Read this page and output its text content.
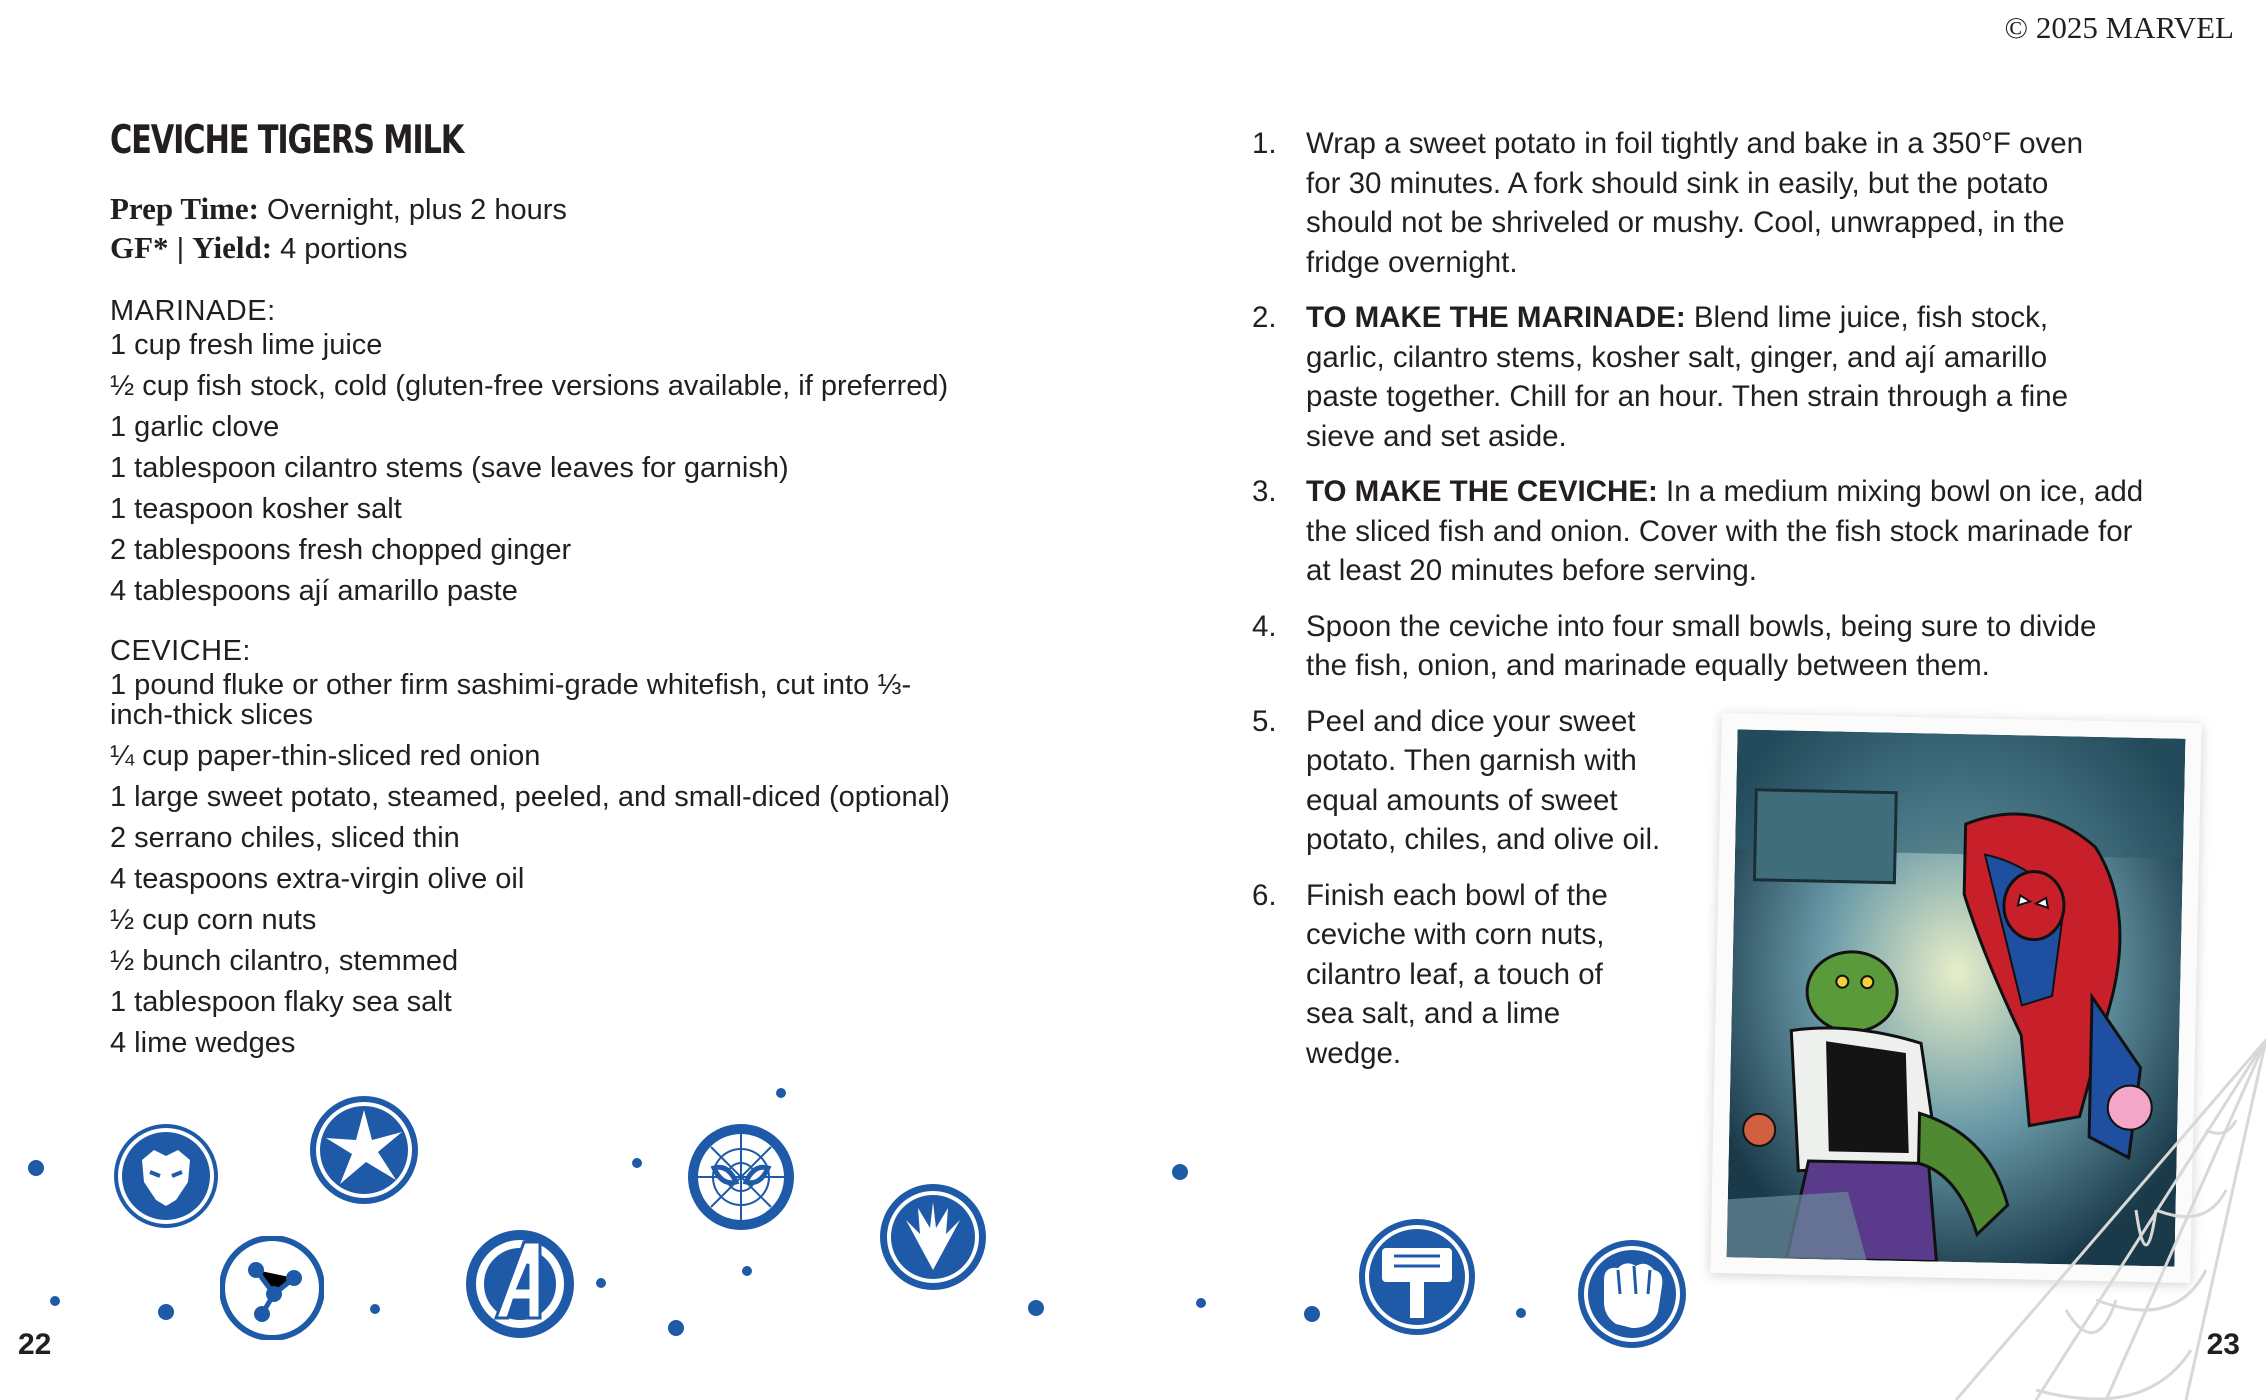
© 2025 MARVEL
CEVICHE TIGERS MILK
Prep Time: Overnight, plus 2 hours
GF* | Yield: 4 portions
MARINADE:
1 cup fresh lime juice
½ cup fish stock, cold (gluten-free versions available, if preferred)
1 garlic clove
1 tablespoon cilantro stems (save leaves for garnish)
1 teaspoon kosher salt
2 tablespoons fresh chopped ginger
4 tablespoons ají amarillo paste
CEVICHE:
1 pound fluke or other firm sashimi-grade whitefish, cut into ⅓-inch-thick slices
¼ cup paper-thin-sliced red onion
1 large sweet potato, steamed, peeled, and small-diced (optional)
2 serrano chiles, sliced thin
4 teaspoons extra-virgin olive oil
½ cup corn nuts
½ bunch cilantro, stemmed
1 tablespoon flaky sea salt
4 lime wedges
1. Wrap a sweet potato in foil tightly and bake in a 350°F oven for 30 minutes. A fork should sink in easily, but the potato should not be shriveled or mushy. Cool, unwrapped, in the fridge overnight.
2. TO MAKE THE MARINADE: Blend lime juice, fish stock, garlic, cilantro stems, kosher salt, ginger, and ají amarillo paste together. Chill for an hour. Then strain through a fine sieve and set aside.
3. TO MAKE THE CEVICHE: In a medium mixing bowl on ice, add the sliced fish and onion. Cover with the fish stock marinade for at least 20 minutes before serving.
4. Spoon the ceviche into four small bowls, being sure to divide the fish, onion, and marinade equally between them.
5. Peel and dice your sweet potato. Then garnish with equal amounts of sweet potato, chiles, and olive oil.
6. Finish each bowl of the ceviche with corn nuts, cilantro leaf, a touch of sea salt, and a lime wedge.
22	23
